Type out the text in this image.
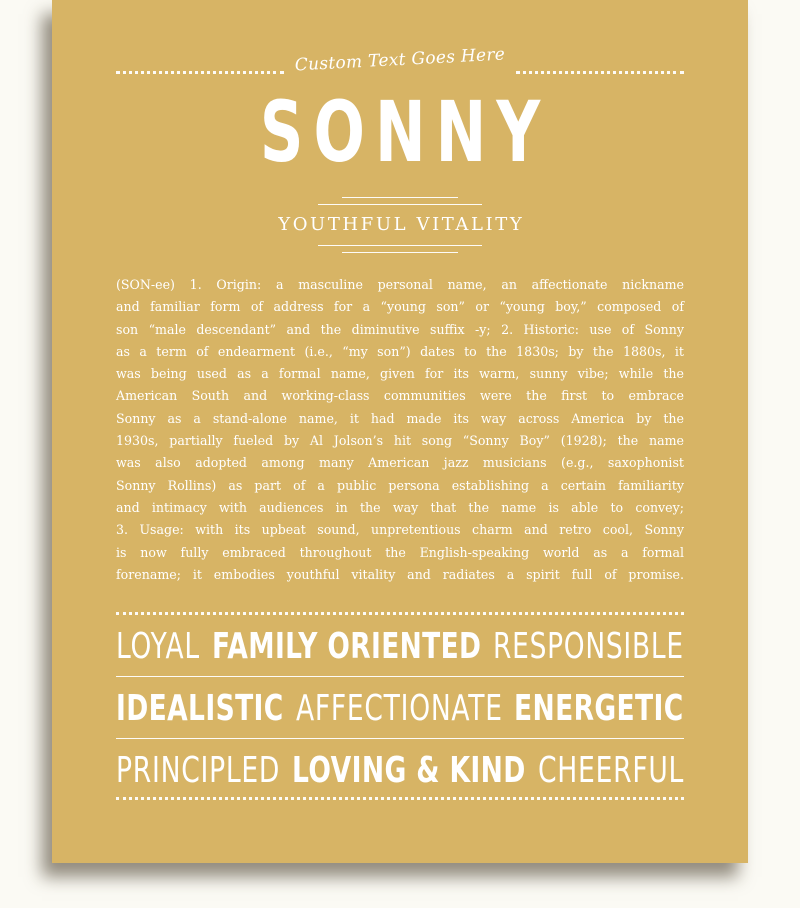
Custom Text Goes Here
SONNY
YOUTHFUL VITALITY
(SON-ee) 1. Origin: a masculine personal name, an affectionate nickname
and familiar form of address for a “young son” or “young boy,” composed of
son “male descendant” and the diminutive suffix -y; 2. Historic: use of Sonny
as a term of endearment (i.e., “my son”) dates to the 1830s; by the 1880s, it
was being used as a formal name, given for its warm, sunny vibe; while the
American South and working-class communities were the first to embrace
Sonny as a stand-alone name, it had made its way across America by the
1930s, partially fueled by Al Jolson’s hit song “Sonny Boy” (1928); the name
was also adopted among many American jazz musicians (e.g., saxophonist
Sonny Rollins) as part of a public persona establishing a certain familiarity
and intimacy with audiences in the way that the name is able to convey;
3. Usage: with its upbeat sound, unpretentious charm and retro cool, Sonny
is now fully embraced throughout the English-speaking world as a formal
forename; it embodies youthful vitality and radiates a spirit full of promise.
LOYAL FAMILY ORIENTED RESPONSIBLE
IDEALISTIC AFFECTIONATE ENERGETIC
PRINCIPLED LOVING & KIND CHEERFUL
